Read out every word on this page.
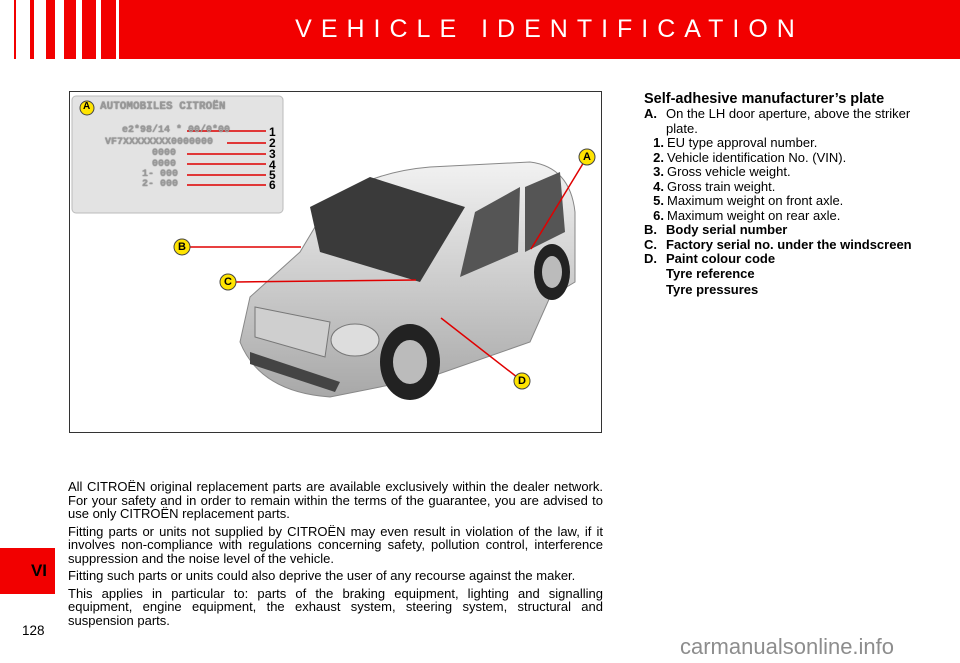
VEHICLE IDENTIFICATION
A AUTOMOBILES CITROËN
e2*98/14 * 00/0*00
VF7XXXXXXXX0000000
0000
0000
1- 000
2- 000
1
2
3
4
5
6
A
B
C
D
Self-adhesive manufacturer’s plate
A. On the LH door aperture, above the striker plate.
1. EU type approval number.
2. Vehicle identification No. (VIN).
3. Gross vehicle weight.
4. Gross train weight.
5. Maximum weight on front axle.
6. Maximum weight on rear axle.
B. Body serial number
C. Factory serial no. under the windscreen
D. Paint colour code
Tyre reference
Tyre pressures

All CITROËN original replacement parts are available exclusively within the dealer network. For your safety and in order to remain within the terms of the guarantee, you are advised to use only CITROËN replacement parts.

Fitting parts or units not supplied by CITROËN may even result in violation of the law, if it involves non-compliance with regulations concerning safety, pollution control, interference suppression and the noise level of the vehicle.

Fitting such parts or units could also deprive the user of any recourse against the maker.

This applies in particular to: parts of the braking equipment, lighting and signalling equipment, engine equipment, the exhaust system, steering system, structural and suspension parts.

VI
128
carmanualsonline.info
